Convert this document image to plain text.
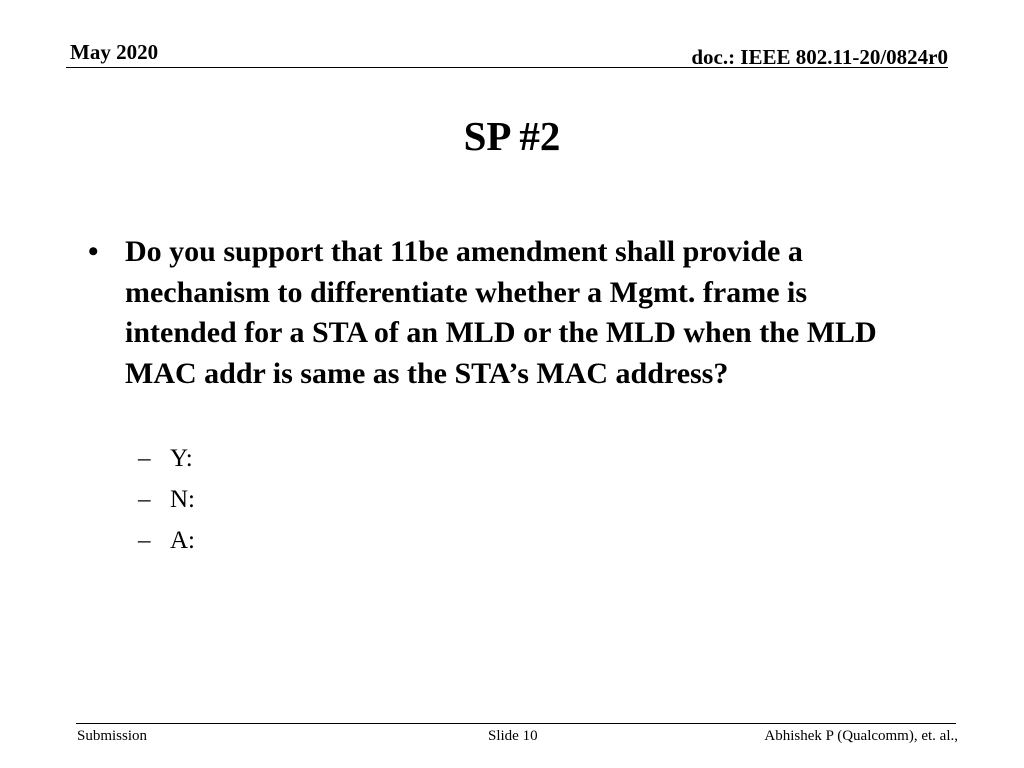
May 2020	doc.: IEEE 802.11-20/0824r0
SP #2
• Do you support that 11be amendment shall provide a mechanism to differentiate whether a Mgmt. frame is intended for a STA of an MLD or the MLD when the MLD MAC addr is same as the STA’s MAC address?
– Y:
– N:
– A:
Submission	Slide 10	Abhishek P (Qualcomm), et. al.,
